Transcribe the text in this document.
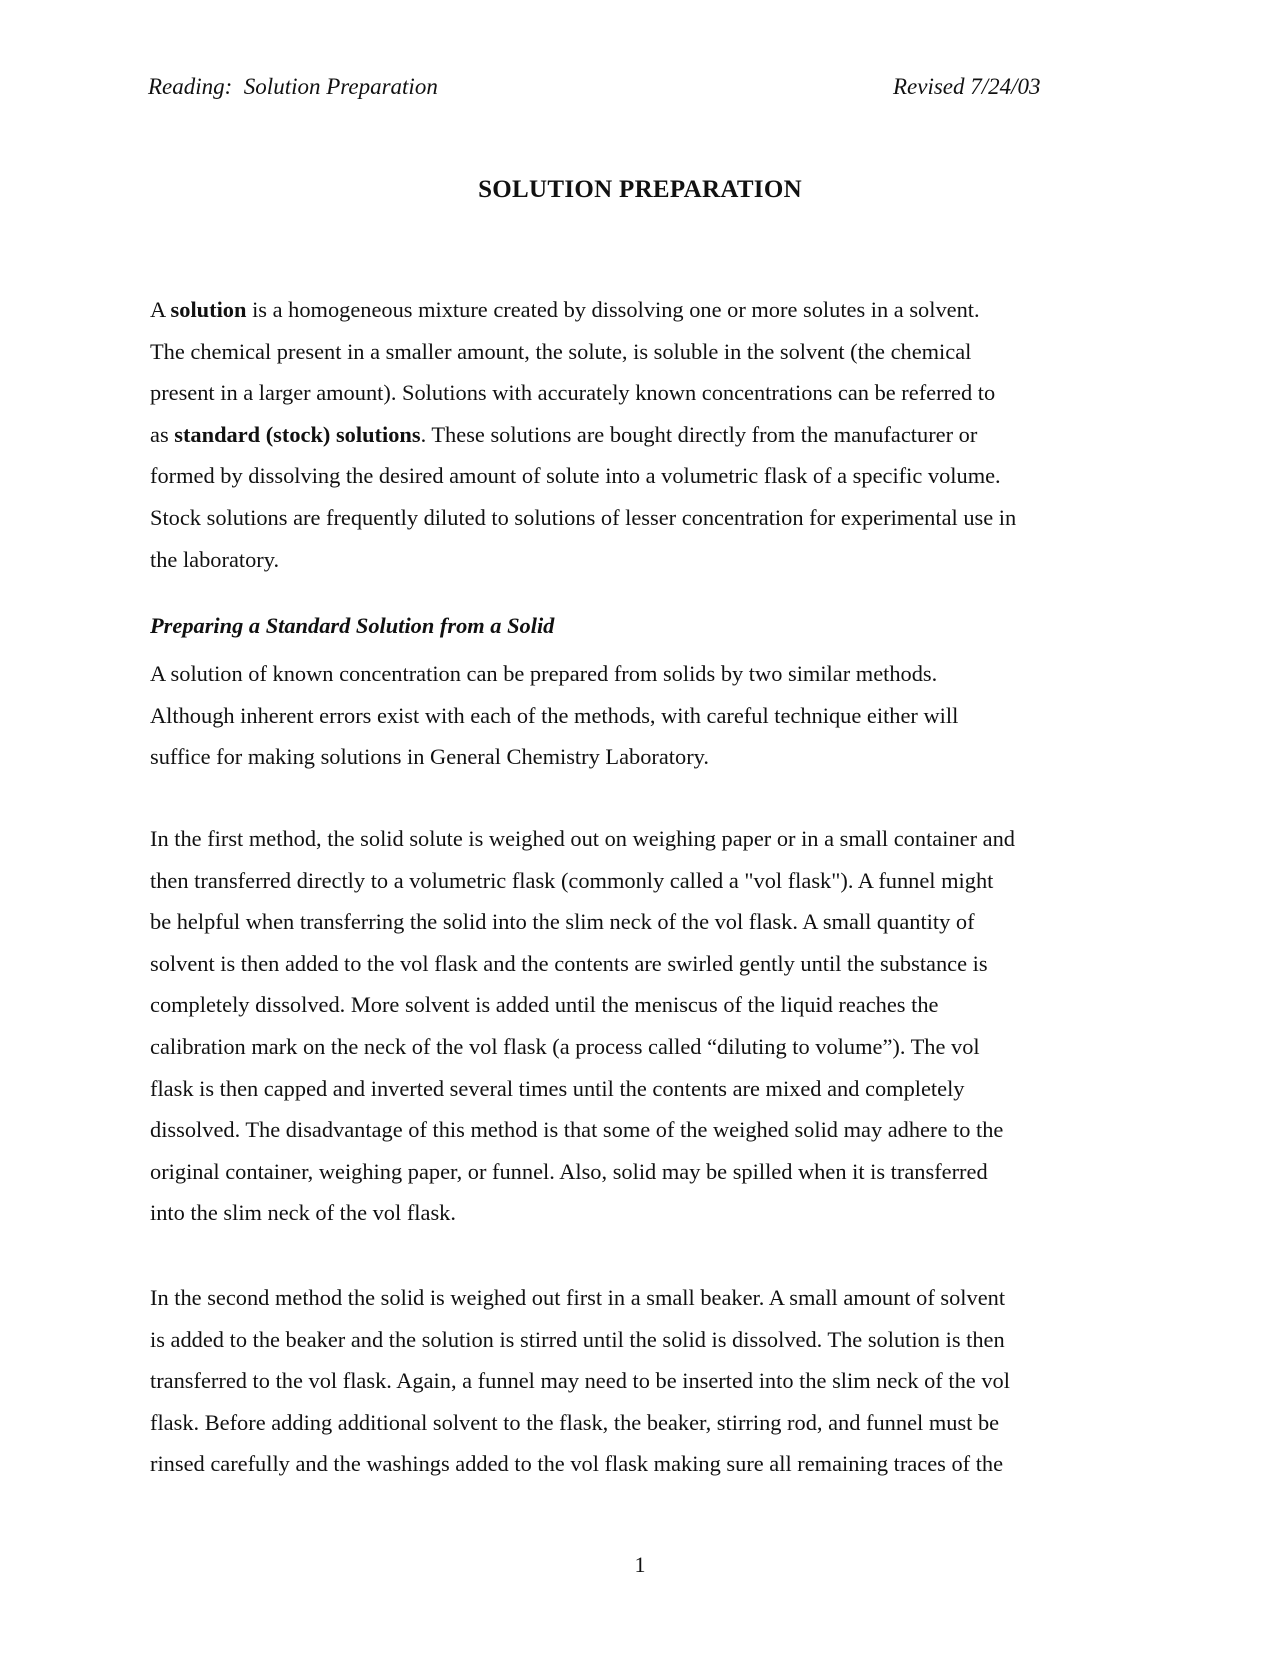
Reading:  Solution Preparation	Revised 7/24/03
SOLUTION PREPARATION
A solution is a homogeneous mixture created by dissolving one or more solutes in a solvent.
The chemical present in a smaller amount, the solute, is soluble in the solvent (the chemical
present in a larger amount). Solutions with accurately known concentrations can be referred to
as standard (stock) solutions. These solutions are bought directly from the manufacturer or
formed by dissolving the desired amount of solute into a volumetric flask of a specific volume.
Stock solutions are frequently diluted to solutions of lesser concentration for experimental use in
the laboratory.
Preparing a Standard Solution from a Solid
A solution of known concentration can be prepared from solids by two similar methods.
Although inherent errors exist with each of the methods, with careful technique either will
suffice for making solutions in General Chemistry Laboratory.
In the first method, the solid solute is weighed out on weighing paper or in a small container and
then transferred directly to a volumetric flask (commonly called a "vol flask"). A funnel might
be helpful when transferring the solid into the slim neck of the vol flask. A small quantity of
solvent is then added to the vol flask and the contents are swirled gently until the substance is
completely dissolved. More solvent is added until the meniscus of the liquid reaches the
calibration mark on the neck of the vol flask (a process called “diluting to volume”). The vol
flask is then capped and inverted several times until the contents are mixed and completely
dissolved. The disadvantage of this method is that some of the weighed solid may adhere to the
original container, weighing paper, or funnel. Also, solid may be spilled when it is transferred
into the slim neck of the vol flask.
In the second method the solid is weighed out first in a small beaker. A small amount of solvent
is added to the beaker and the solution is stirred until the solid is dissolved. The solution is then
transferred to the vol flask. Again, a funnel may need to be inserted into the slim neck of the vol
flask. Before adding additional solvent to the flask, the beaker, stirring rod, and funnel must be
rinsed carefully and the washings added to the vol flask making sure all remaining traces of the
1
